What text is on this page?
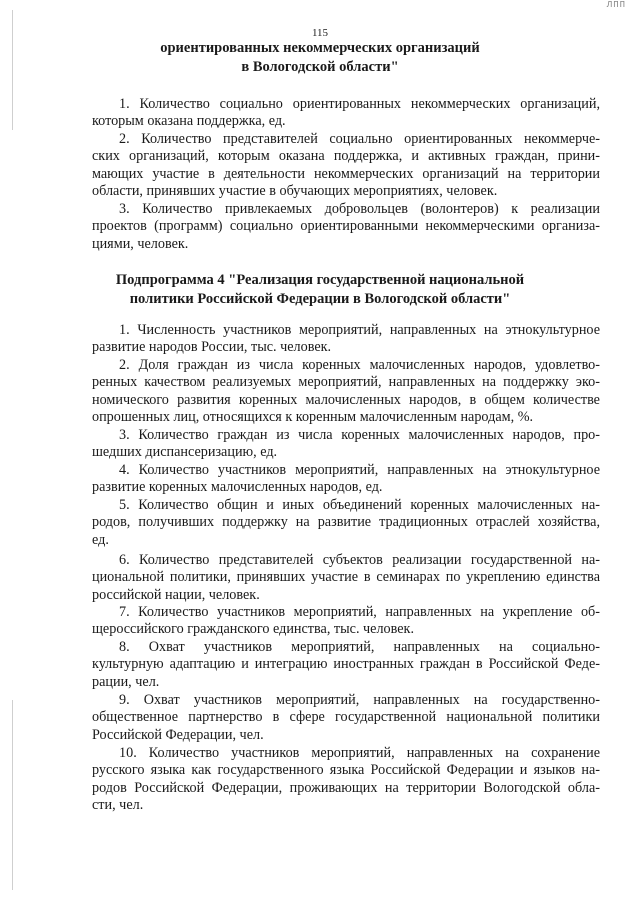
ЛПП
115
ориентированных некоммерческих организаций
в Вологодской области"
1. Количество социально ориентированных некоммерческих организаций,
которым оказана поддержка, ед.
2. Количество представителей социально ориентированных некоммерче-
ских организаций, которым оказана поддержка, и активных граждан, прини-
мающих участие в деятельности некоммерческих организаций на территории
области, принявших участие в обучающих мероприятиях, человек.
3. Количество привлекаемых добровольцев (волонтеров) к реализации
проектов (программ) социально ориентированными некоммерческими организа-
циями, человек.
Подпрограмма 4 "Реализация государственной национальной
политики Российской Федерации в Вологодской области"
1. Численность участников мероприятий, направленных на этнокультурное
развитие народов России, тыс. человек.
2. Доля граждан из числа коренных малочисленных народов, удовлетво-
ренных качеством реализуемых мероприятий, направленных на поддержку эко-
номического развития коренных малочисленных народов, в общем количестве
опрошенных лиц, относящихся к коренным малочисленным народам, %.
3. Количество граждан из числа коренных малочисленных народов, про-
шедших диспансеризацию, ед.
4. Количество участников мероприятий, направленных на этнокультурное
развитие коренных малочисленных народов, ед.
5. Количество общин и иных объединений коренных малочисленных на-
родов, получивших поддержку на развитие традиционных отраслей хозяйства,
ед.
6. Количество представителей субъектов реализации государственной на-
циональной политики, принявших участие в семинарах по укреплению единства
российской нации, человек.
7. Количество участников мероприятий, направленных на укрепление об-
щероссийского гражданского единства, тыс. человек.
8. Охват участников мероприятий, направленных на социально-
культурную адаптацию и интеграцию иностранных граждан в Российской Феде-
рации, чел.
9. Охват участников мероприятий, направленных на государственно-
общественное партнерство в сфере государственной национальной политики
Российской Федерации, чел.
10. Количество участников мероприятий, направленных на сохранение
русского языка как государственного языка Российской Федерации и языков на-
родов Российской Федерации, проживающих на территории Вологодской обла-
сти, чел.
